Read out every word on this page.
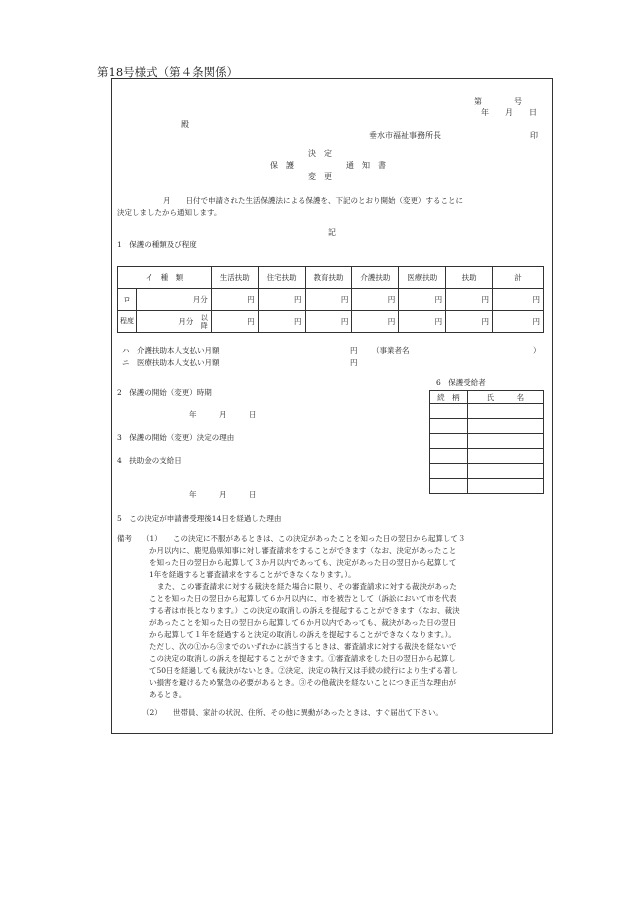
第18号様式（第４条関係）
第　　　　号
年　　月　　日
殿
垂水市福祉事務所長	印
決　定
保　護	通　知　書
変　更
月　　日付で申請された生活保護法による保護を、下記のとおり開始（変更）することに
決定しましたから通知します。
記
1　保護の種類及び程度
イ　種　類		生活扶助	住宅扶助	教育扶助	介護扶助	医療扶助	扶助	計
ロ	月分	円	円	円	円	円	円	円
程度	月分 以降	円	円	円	円	円	円	円
ハ　介護扶助本人支払い月額	円 （事業者名	）
ニ　医療扶助本人支払い月額	円
6　保護受給者
続　柄	氏　　　名

2　保護の開始（変更）時期
年　　　月　　　日
3　保護の開始（変更）決定の理由
4　扶助金の支給日
年　　　月　　　日
5　この決定が申請書受理後14日を経過した理由
備考 （1） この決定に不服があるときは、この決定があったことを知った日の翌日から起算して３
か月以内に、鹿児島県知事に対し審査請求をすることができます（なお、決定があったこと
を知った日の翌日から起算して３か月以内であっても、決定があった日の翌日から起算して
1年を経過すると審査請求をすることができなくなります。）。
また、この審査請求に対する裁決を経た場合に限り、その審査請求に対する裁決があった
ことを知った日の翌日から起算して６か月以内に、市を被告として（訴訟において市を代表
する者は市長となります。）この決定の取消しの訴えを提起することができます（なお、裁決
があったことを知った日の翌日から起算して６か月以内であっても、裁決があった日の翌日
から起算して１年を経過すると決定の取消しの訴えを提起することができなくなります。）。
ただし、次の①から③までのいずれかに該当するときは、審査請求に対する裁決を経ないで
この決定の取消しの訴えを提起することができます。①審査請求をした日の翌日から起算し
て50日を経過しても裁決がないとき。②決定、決定の執行又は手続の続行により生ずる著し
い損害を避けるため緊急の必要があるとき。③その他裁決を経ないことにつき正当な理由が
あるとき。
（2） 世帯員、家計の状況、住所、その他に異動があったときは、すぐ届出て下さい。
